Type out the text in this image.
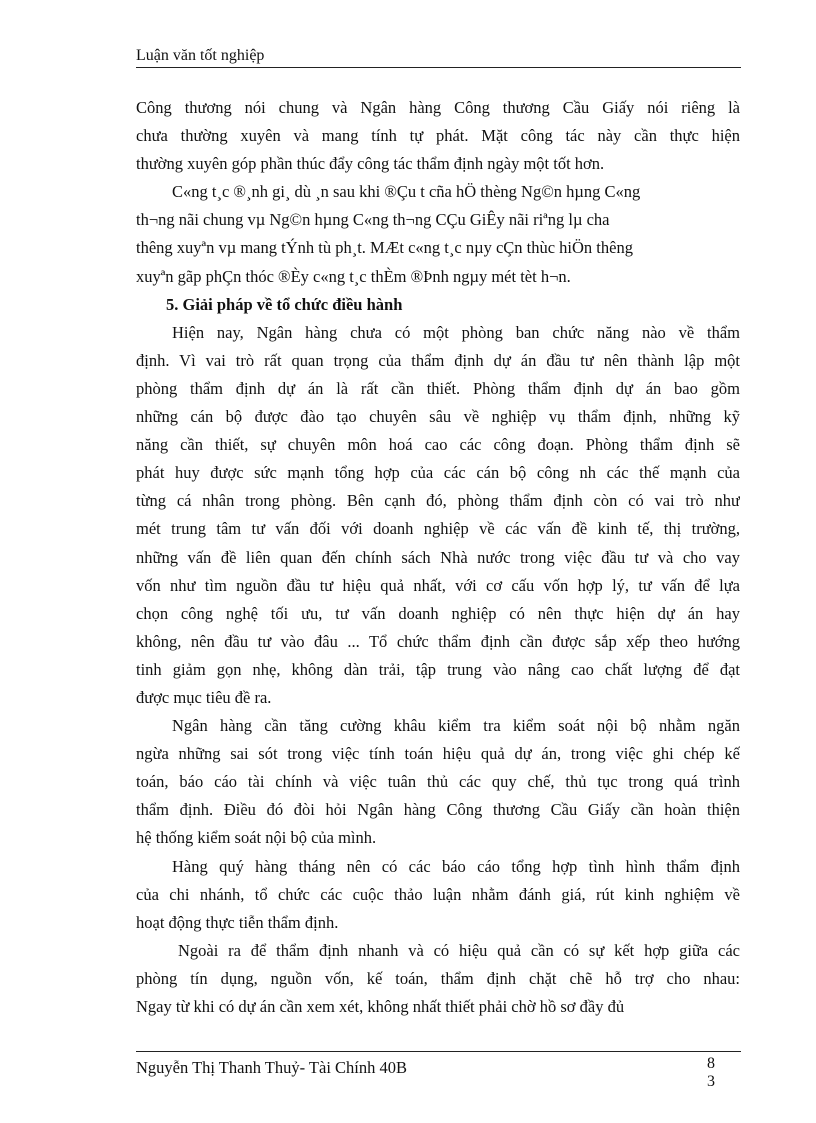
Luận văn tốt nghiệp
Công thương nói chung và Ngân hàng Công thương Cầu Giấy nói riêng là
chưa thường xuyên và mang tính tự phát. Mặt công tác này cần thực hiện
thường xuyên góp phần thúc đẩy công tác thẩm định ngày một tốt hơn.
C«ng t¸c ®¸nh gi¸ dù ¸n sau khi ®Çu t cña hÖ thèng Ng©n hµng C«ng
th¬ng nãi chung vµ Ng©n hµng C«ng th¬ng CÇu GiÊy nãi riªng lµ cha
thêng xuyªn vµ mang tÝnh tù ph¸t. MÆt c«ng t¸c nµy cÇn thùc hiÖn thêng
xuyªn gãp phÇn thóc ®Èy c«ng t¸c thÈm ®Þnh ngµy mét tèt h¬n.
5. Giải pháp về tổ chức điều hành
Hiện nay, Ngân hàng chưa có một phòng ban chức năng nào về thẩm
định. Vì vai trò rất quan trọng của thẩm định dự án đầu tư nên thành lập một
phòng thẩm định dự án là rất cần thiết. Phòng thẩm định dự án bao gồm
những cán bộ được đào tạo chuyên sâu về nghiệp vụ thẩm định, những kỹ
năng cần thiết, sự chuyên môn hoá cao các công đoạn. Phòng thẩm định sẽ
phát huy được sức mạnh tổng hợp của các cán bộ công nh các thế mạnh của
từng cá nhân trong phòng. Bên cạnh đó, phòng thẩm định còn có vai trò như
mét trung tâm tư vấn đối với doanh nghiệp về các vấn đề kinh tế, thị trường,
những vấn đề liên quan đến chính sách Nhà nước trong việc đầu tư và cho vay
vốn như tìm nguồn đầu tư hiệu quả nhất, với cơ cấu vốn hợp lý, tư vấn để lựa
chọn công nghệ tối ưu, tư vấn doanh nghiệp có nên thực hiện dự án hay
không, nên đầu tư vào đâu ... Tổ chức thẩm định cần được sắp xếp theo hướng
tinh giảm gọn nhẹ, không dàn trải, tập trung vào nâng cao chất lượng để đạt
được mục tiêu đề ra.
Ngân hàng cần tăng cường khâu kiểm tra kiểm soát nội bộ nhằm ngăn
ngừa những sai sót trong việc tính toán hiệu quả dự án, trong việc ghi chép kế
toán, báo cáo tài chính và việc tuân thủ các quy chế, thủ tục trong quá trình
thẩm định. Điều đó đòi hỏi Ngân hàng Công thương Cầu Giấy cần hoàn thiện
hệ thống kiểm soát nội bộ của mình.
Hàng quý hàng tháng nên có các báo cáo tổng hợp tình hình thẩm định
của chi nhánh, tổ chức các cuộc thảo luận nhằm đánh giá, rút kinh nghiệm về
hoạt động thực tiễn thẩm định.
Ngoài ra để thẩm định nhanh và có hiệu quả cần có sự kết hợp giữa các
phòng tín dụng, nguồn vốn, kế toán, thẩm định chặt chẽ hỗ trợ cho nhau:
Ngay từ khi có dự án cần xem xét, không nhất thiết phải chờ hồ sơ đầy đủ
Nguyễn Thị Thanh Thuỷ- Tài Chính 40B	8
3
